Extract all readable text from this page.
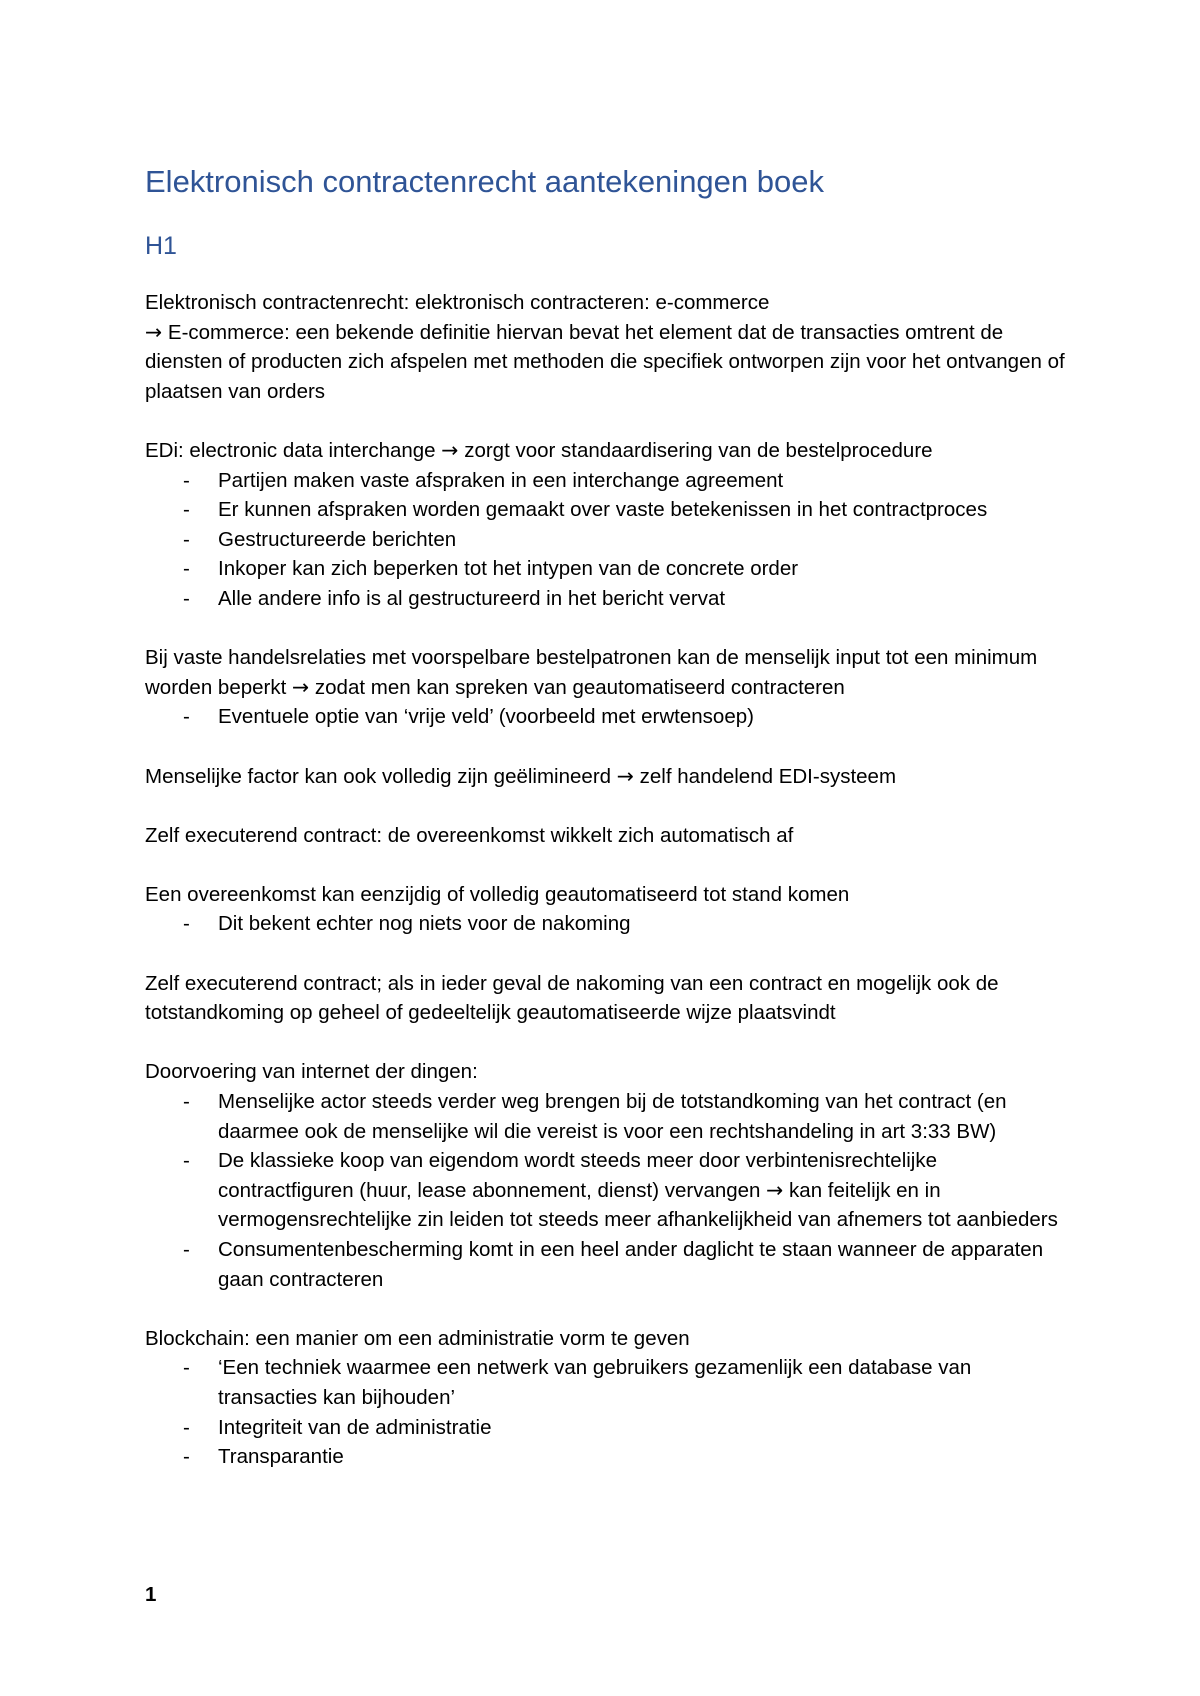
Elektronisch contractenrecht aantekeningen boek
H1

Elektronisch contractenrecht: elektronisch contracteren: e-commerce
→ E-commerce: een bekende definitie hiervan bevat het element dat de transacties omtrent de diensten of producten zich afspelen met methoden die specifiek ontworpen zijn voor het ontvangen of plaatsen van orders

EDi: electronic data interchange → zorgt voor standaardisering van de bestelprocedure

- Partijen maken vaste afspraken in een interchange agreement
- Er kunnen afspraken worden gemaakt over vaste betekenissen in het contractproces
- Gestructureerde berichten
- Inkoper kan zich beperken tot het intypen van de concrete order
- Alle andere info is al gestructureerd in het bericht vervat

Bij vaste handelsrelaties met voorspelbare bestelpatronen kan de menselijk input tot een minimum worden beperkt → zodat men kan spreken van geautomatiseerd contracteren

- Eventuele optie van ‘vrije veld’ (voorbeeld met erwtensoep)

Menselijke factor kan ook volledig zijn geëlimineerd → zelf handelend EDI-systeem

Zelf executerend contract: de overeenkomst wikkelt zich automatisch af

Een overeenkomst kan eenzijdig of volledig geautomatiseerd tot stand komen

- Dit bekent echter nog niets voor de nakoming

Zelf executerend contract; als in ieder geval de nakoming van een contract en mogelijk ook de totstandkoming op geheel of gedeeltelijk geautomatiseerde wijze plaatsvindt

Doorvoering van internet der dingen:

- Menselijke actor steeds verder weg brengen bij de totstandkoming van het contract (en daarmee ook de menselijke wil die vereist is voor een rechtshandeling in art 3:33 BW)
- De klassieke koop van eigendom wordt steeds meer door verbintenisrechtelijke contractfiguren (huur, lease abonnement, dienst) vervangen → kan feitelijk en in vermogensrechtelijke zin leiden tot steeds meer afhankelijkheid van afnemers tot aanbieders
- Consumentenbescherming komt in een heel ander daglicht te staan wanneer de apparaten gaan contracteren

Blockchain: een manier om een administratie vorm te geven

- ‘Een techniek waarmee een netwerk van gebruikers gezamenlijk een database van transacties kan bijhouden’
- Integriteit van de administratie
- Transparantie
1
